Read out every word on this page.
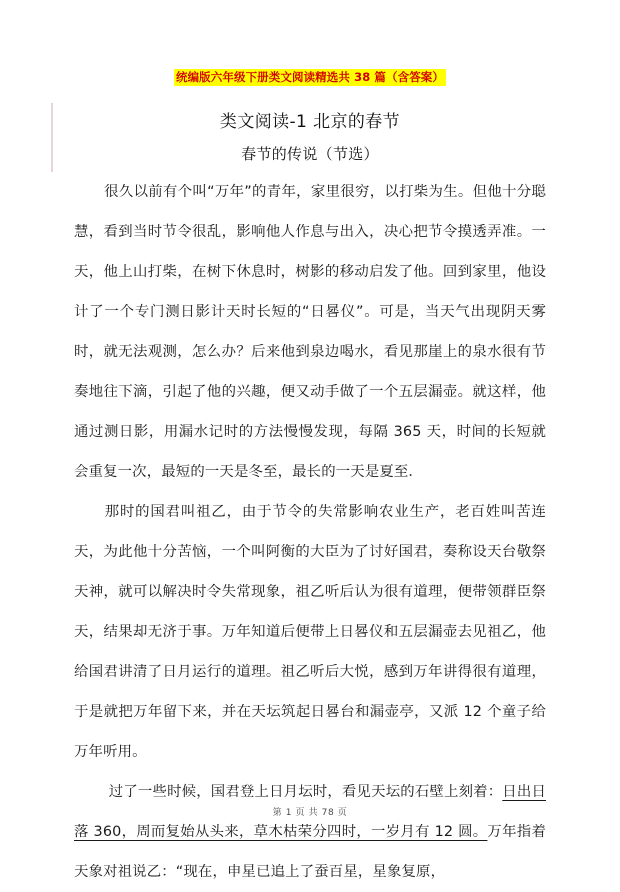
统编版六年级下册类文阅读精选共 38 篇（含答案）
类文阅读-1 北京的春节
春节的传说（节选）

很久以前有个叫“万年”的青年，家里很穷，以打柴为生。但他十分聪慧，看到当时节令很乱，影响他人作息与出入，决心把节令摸透弄准。一天，他上山打柴，在树下休息时，树影的移动启发了他。回到家里，他设计了一个专门测日影计天时长短的“日晷仪”。可是，当天气出现阴天雾时，就无法观测，怎么办？后来他到泉边喝水，看见那崖上的泉水很有节奏地往下滴，引起了他的兴趣，便又动手做了一个五层漏壶。就这样，他通过测日影，用漏水记时的方法慢慢发现，每隔 365 天，时间的长短就会重复一次，最短的一天是冬至，最长的一天是夏至．

那时的国君叫祖乙，由于节令的失常影响农业生产，老百姓叫苦连天，为此他十分苦恼，一个叫阿衡的大臣为了讨好国君，奏称设天台敬祭天神，就可以解决时令失常现象，祖乙听后认为很有道理，便带领群臣祭天，结果却无济于事。万年知道后便带上日晷仪和五层漏壶去见祖乙，他给国君讲清了日月运行的道理。祖乙听后大悦，感到万年讲得很有道理，于是就把万年留下来，并在天坛筑起日晷台和漏壶亭，又派 12 个童子给万年听用。

过了一些时候，国君登上日月坛时，看见天坛的石壁上刻着：日出日落 360，周而复始从头来，草木枯荣分四时，一岁月有 12 圆。万年指着天象对祖说乙：“现在，申星已追上了蚕百星，星象复原，

第 1 页 共 78 页
